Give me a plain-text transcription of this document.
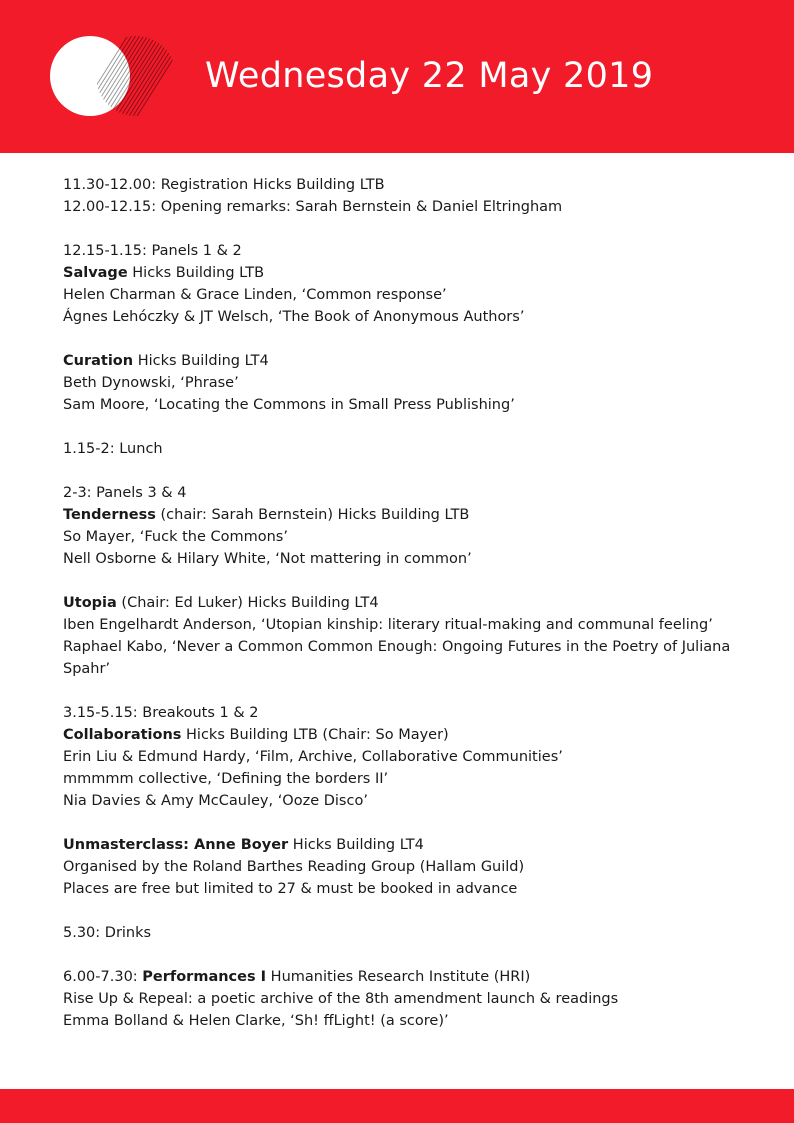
Wednesday 22 May 2019
11.30-12.00: Registration Hicks Building LTB
12.00-12.15: Opening remarks: Sarah Bernstein & Daniel Eltringham
12.15-1.15: Panels 1 & 2
Salvage Hicks Building LTB
Helen Charman & Grace Linden, ‘Common response’
Ágnes Lehóczky & JT Welsch, ‘The Book of Anonymous Authors’
Curation Hicks Building LT4
Beth Dynowski, ‘Phrase’
Sam Moore, ‘Locating the Commons in Small Press Publishing’
1.15-2: Lunch
2-3: Panels 3 & 4
Tenderness (chair: Sarah Bernstein) Hicks Building LTB
So Mayer, ‘Fuck the Commons’
Nell Osborne & Hilary White, ‘Not mattering in common’
Utopia (Chair: Ed Luker) Hicks Building LT4
Iben Engelhardt Anderson, ‘Utopian kinship: literary ritual-making and communal feeling’
Raphael Kabo, ‘Never a Common Common Enough: Ongoing Futures in the Poetry of Juliana Spahr’
3.15-5.15: Breakouts 1 & 2
Collaborations Hicks Building LTB (Chair: So Mayer)
Erin Liu & Edmund Hardy, ‘Film, Archive, Collaborative Communities’
mmmmm collective, ‘Defining the borders II’
Nia Davies & Amy McCauley, ‘Ooze Disco’
Unmasterclass: Anne Boyer Hicks Building LT4
Organised by the Roland Barthes Reading Group (Hallam Guild)
Places are free but limited to 27 & must be booked in advance
5.30: Drinks
6.00-7.30: Performances I Humanities Research Institute (HRI)
Rise Up & Repeal: a poetic archive of the 8th amendment launch & readings
Emma Bolland & Helen Clarke, ‘Sh! ffLight! (a score)’
